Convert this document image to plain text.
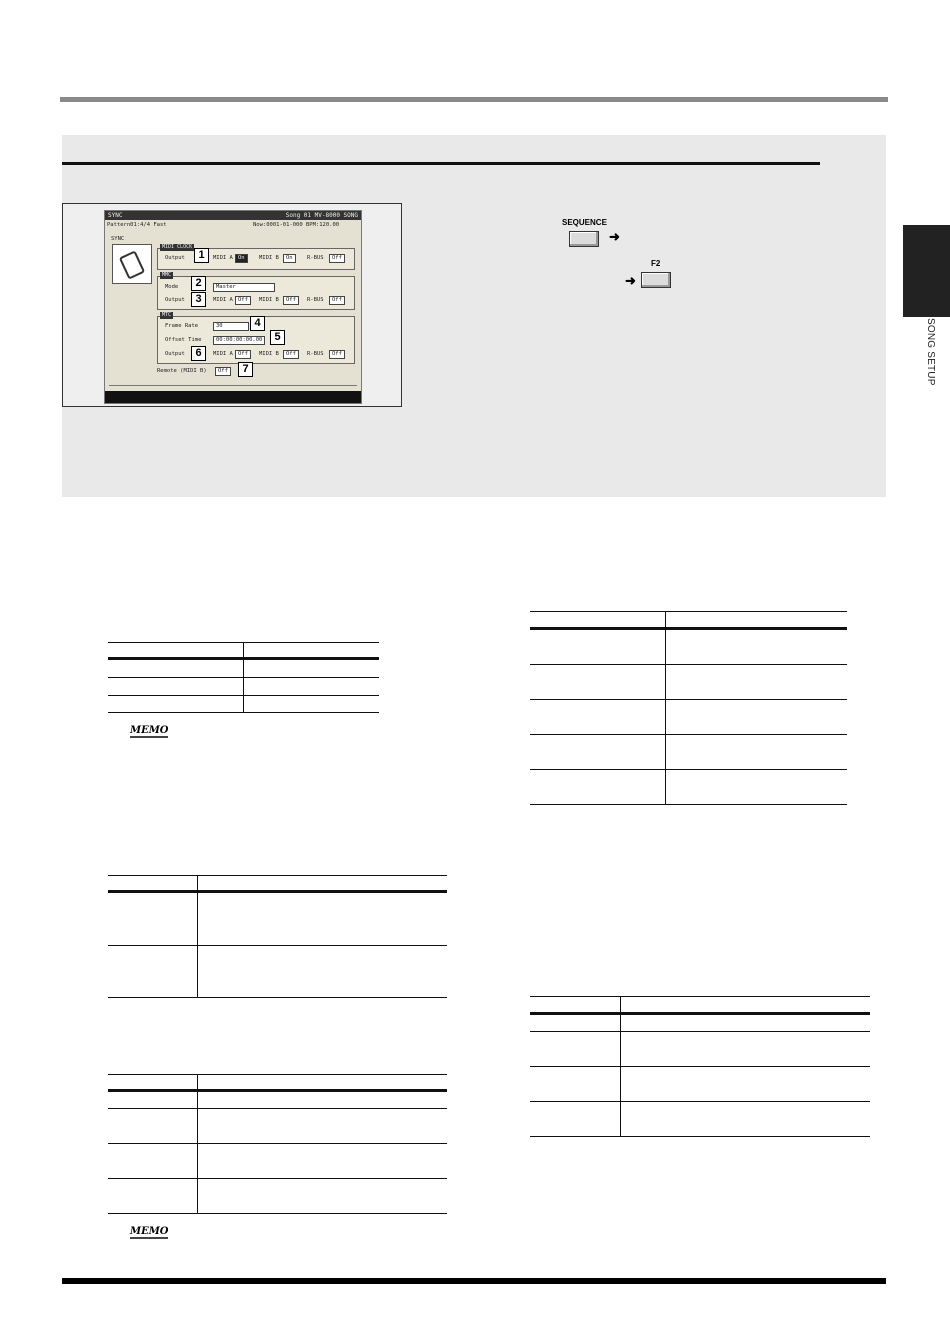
SONG SETUP
SYNC	Song 01 MV-8000 SONG
Pattern01:4/4 Fast	Now:0001-01-000 BPM:120.00
SYNC
MIDI CLOCK
Output	MIDI A On	MIDI B	On	R-BUS	Off
MMC
Mode	Master
Output	MIDI A Off	MIDI B	Off	R-BUS	Off
MTC
Frame Rate	30
Offset Time	00:00:00:00.00
Output	MIDI A Off	MIDI B	Off	R-BUS	Off
Remote (MIDI B)	Off
1
2
3
4
5
6
7
SEQUENCE
➜
F2
➜
MEMO
MEMO
